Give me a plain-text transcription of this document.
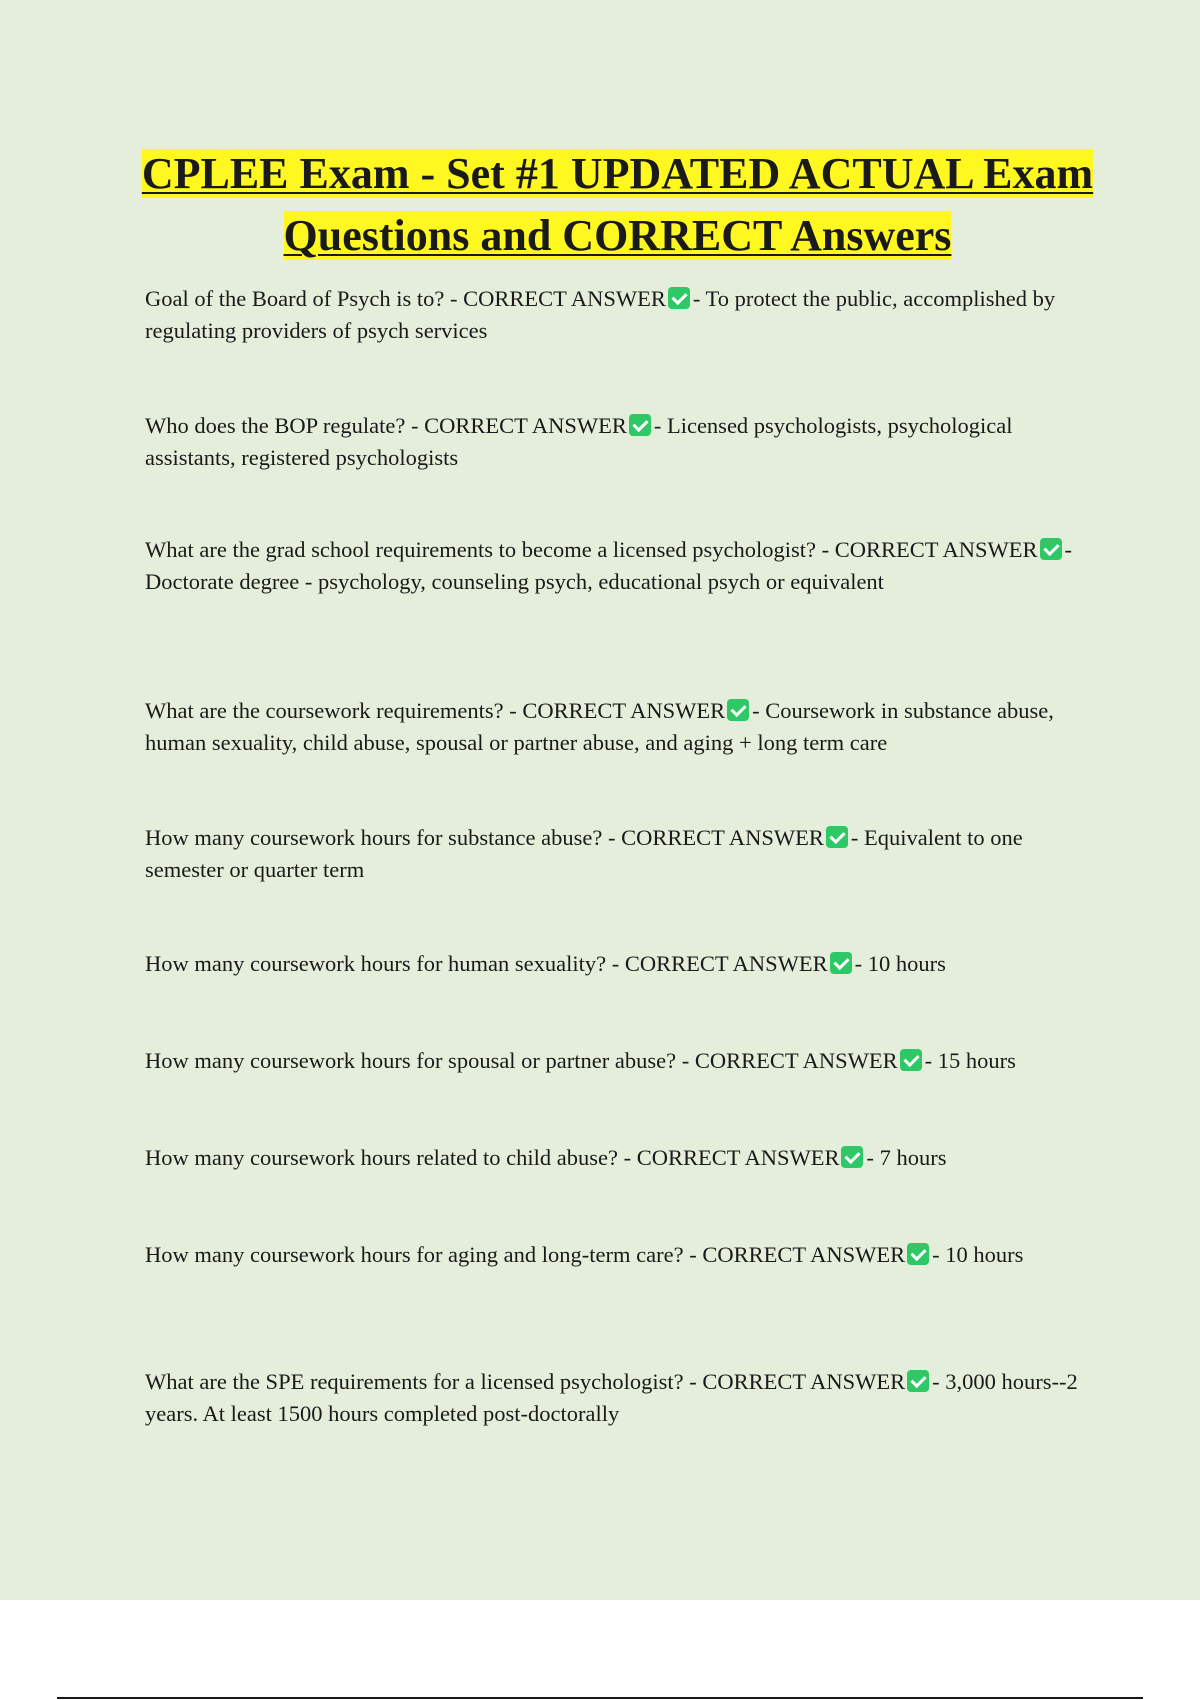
CPLEE Exam - Set #1 UPDATED ACTUAL Exam Questions and CORRECT Answers
Goal of the Board of Psych is to? - CORRECT ANSWER - To protect the public, accomplished by regulating providers of psych services
Who does the BOP regulate? - CORRECT ANSWER - Licensed psychologists, psychological assistants, registered psychologists
What are the grad school requirements to become a licensed psychologist? - CORRECT ANSWER - Doctorate degree - psychology, counseling psych, educational psych or equivalent
What are the coursework requirements? - CORRECT ANSWER - Coursework in substance abuse, human sexuality, child abuse, spousal or partner abuse, and aging + long term care
How many coursework hours for substance abuse? - CORRECT ANSWER - Equivalent to one semester or quarter term
How many coursework hours for human sexuality? - CORRECT ANSWER - 10 hours
How many coursework hours for spousal or partner abuse? - CORRECT ANSWER - 15 hours
How many coursework hours related to child abuse? - CORRECT ANSWER - 7 hours
How many coursework hours for aging and long-term care? - CORRECT ANSWER - 10 hours
What are the SPE requirements for a licensed psychologist? - CORRECT ANSWER - 3,000 hours--2 years. At least 1500 hours completed post-doctorally
